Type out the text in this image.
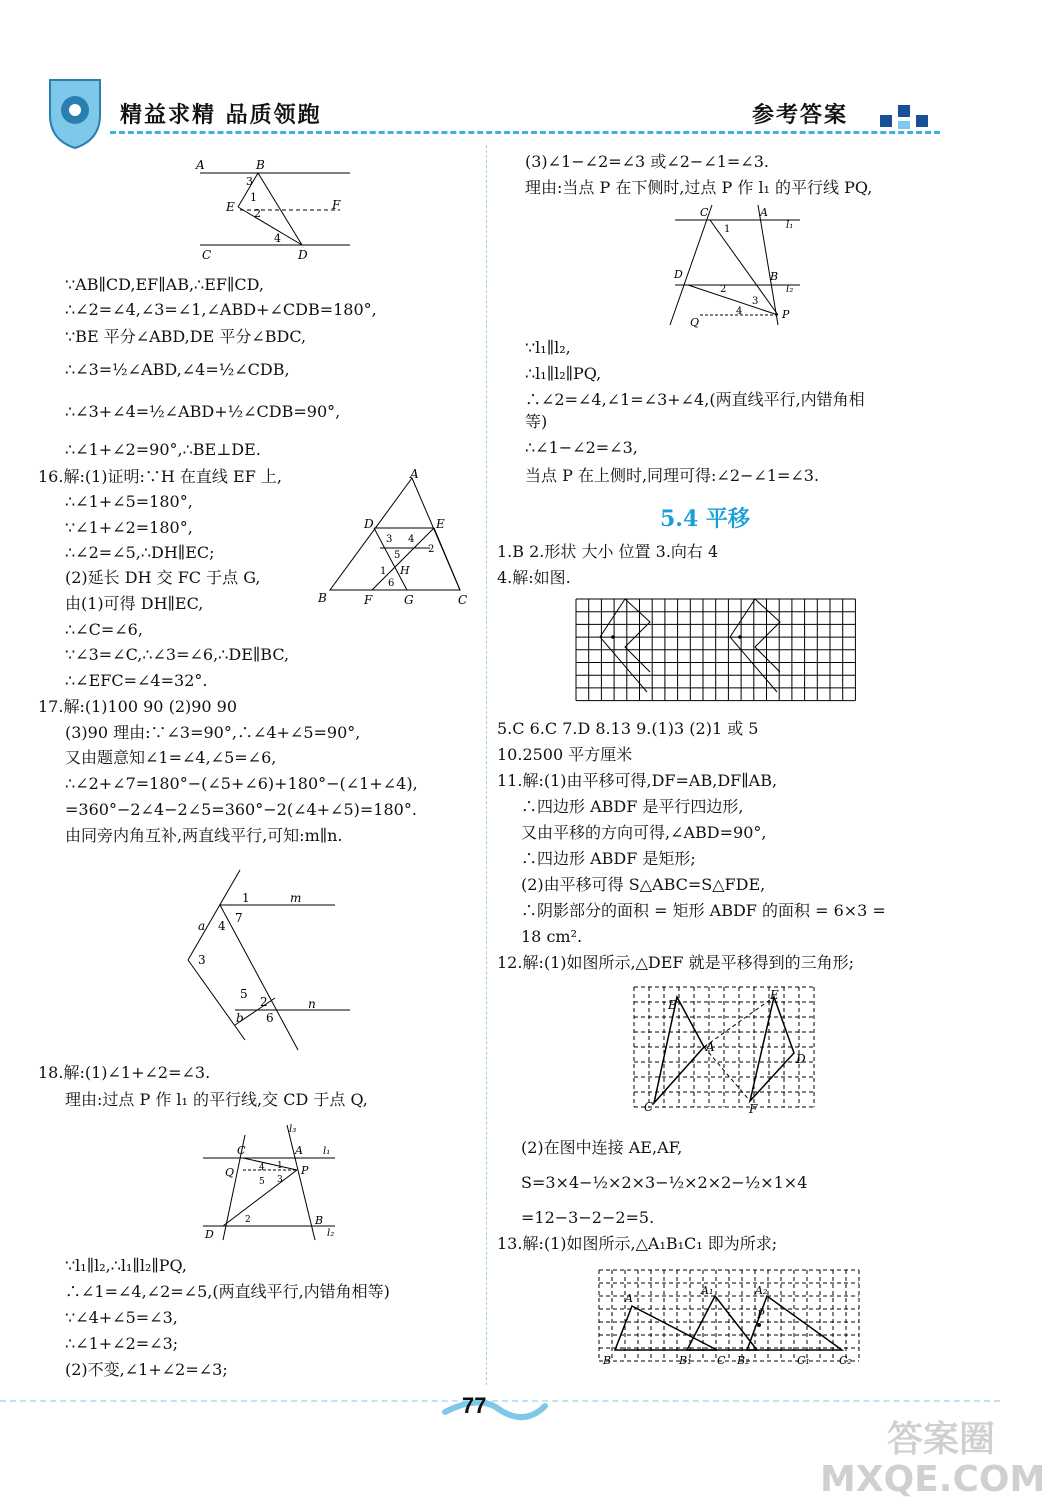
精益求精 品质领跑	参考答案
A	B
E	F
C	D
3
1
2
4
∵AB∥CD,EF∥AB,∴EF∥CD,
∴∠2=∠4,∠3=∠1,∠ABD+∠CDB=180°,
∵BE 平分∠ABD,DE 平分∠BDC,
∴∠3=½∠ABD,∠4=½∠CDB,
∴∠3+∠4=½∠ABD+½∠CDB=90°,
∴∠1+∠2=90°,∴BE⊥DE.
16.解:(1)证明:∵H 在直线 EF 上,
∴∠1+∠5=180°,
∵∠1+∠2=180°,
∴∠2=∠5,∴DH∥EC;
(2)延长 DH 交 FC 于点 G,
由(1)可得 DH∥EC,
∴∠C=∠6,
∵∠3=∠C,∴∠3=∠6,∴DE∥BC,
∴∠EFC=∠4=32°.
A
D	E
B	F	G	C
H
1
2
3 4
5
6
17.解:(1)100 90 (2)90 90
(3)90 理由:∵∠3=90°,∴∠4+∠5=90°,
又由题意知∠1=∠4,∠5=∠6,
∴∠2+∠7=180°−(∠5+∠6)+180°−(∠1+∠4),
=360°−2∠4−2∠5=360°−2(∠4+∠5)=180°.
由同旁内角互补,两直线平行,可知:m∥n.
1	m
a 4
7
3
5
2
b 6
n
18.解:(1)∠1+∠2=∠3.
理由:过点 P 作 l₁ 的平行线,交 CD 于点 Q,
l₃
C	A l₁
Q	P
D
B
l₂
1
2
3
4
5
∵l₁∥l₂,∴l₁∥l₂∥PQ,
∴∠1=∠4,∠2=∠5,(两直线平行,内错角相等)
∵∠4+∠5=∠3,
∴∠1+∠2=∠3;
(2)不变,∠1+∠2=∠3;
(3)∠1−∠2=∠3 或∠2−∠1=∠3.
理由:当点 P 在下侧时,过点 P 作 l₁ 的平行线 PQ,
C	A
l₁
D	B
l₂
Q
P
1
2
3
4
∵l₁∥l₂,
∴l₁∥l₂∥PQ,
∴∠2=∠4,∠1=∠3+∠4,(两直线平行,内错角相
等)
∴∠1−∠2=∠3,
当点 P 在上侧时,同理可得:∠2−∠1=∠3.
5.4 平移
1.B 2.形状 大小 位置 3.向右 4
4.解:如图.
5.C 6.C 7.D 8.13 9.(1)3 (2)1 或 5
10.2500 平方厘米
11.解:(1)由平移可得,DF=AB,DF∥AB,
∴四边形 ABDF 是平行四边形,
又由平移的方向可得,∠ABD=90°,
∴四边形 ABDF 是矩形;
(2)由平移可得 S△ABC=S△FDE,
∴阴影部分的面积 = 矩形 ABDF 的面积 = 6×3 =
18 cm².
12.解:(1)如图所示,△DEF 就是平移得到的三角形;
B
E
A
D
C	F
(2)在图中连接 AE,AF,
S=3×4−½×2×3−½×2×2−½×1×4
=12−3−2−2=5.
13.解:(1)如图所示,△A₁B₁C₁ 即为所求;
A
A₁	A₂
P
B	B₁ C B₂	C₁	C₂
77
答案圈 MXQE.COM
